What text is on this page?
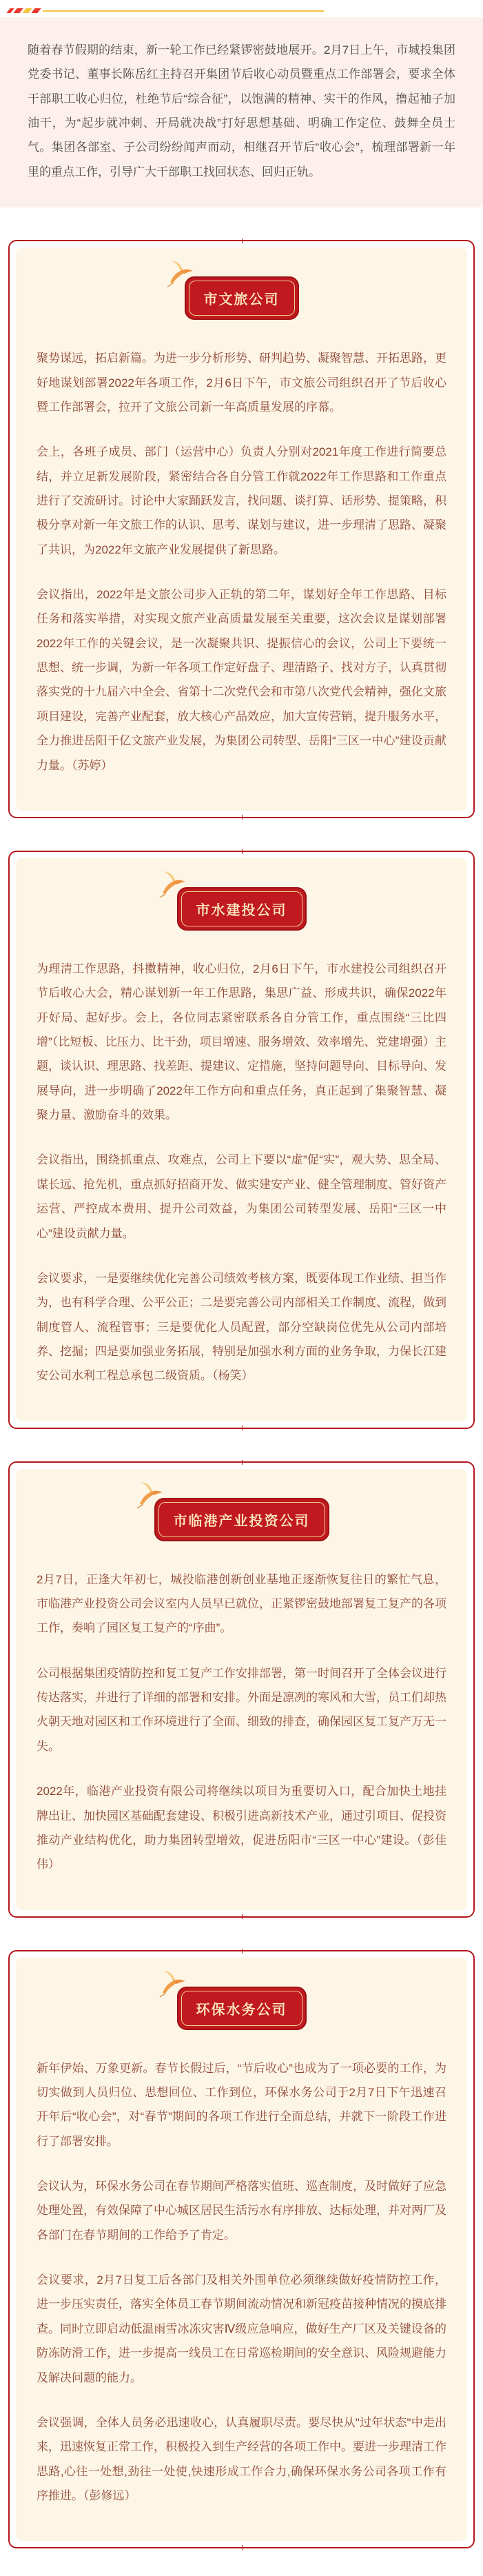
随着春节假期的结束，新一轮工作已经紧锣密鼓地展开。2月7日上午，市城投集团党委书记、董事长陈岳红主持召开集团节后收心动员暨重点工作部署会，要求全体干部职工收心归位，杜绝节后“综合征”，以饱满的精神、实干的作风，撸起袖子加油干，为“起步就冲刺、开局就决战”打好思想基础、明确工作定位、鼓舞全员士气。集团各部室、子公司纷纷闻声而动，相继召开节后“收心会”，梳理部署新一年里的重点工作，引导广大干部职工找回状态、回归正轨。

市文旅公司

聚势谋远，拓启新篇。为进一步分析形势、研判趋势、凝聚智慧、开拓思路，更好地谋划部署2022年各项工作，2月6日下午，市文旅公司组织召开了节后收心暨工作部署会，拉开了文旅公司新一年高质量发展的序幕。

会上，各班子成员、部门（运营中心）负责人分别对2021年度工作进行简要总结，并立足新发展阶段，紧密结合各自分管工作就2022年工作思路和工作重点进行了交流研讨。讨论中大家踊跃发言，找问题、谈打算、话形势、提策略，积极分享对新一年文旅工作的认识、思考、谋划与建议，进一步理清了思路、凝聚了共识，为2022年文旅产业发展提供了新思路。

会议指出，2022年是文旅公司步入正轨的第二年，谋划好全年工作思路、目标任务和落实举措，对实现文旅产业高质量发展至关重要，这次会议是谋划部署2022年工作的关键会议，是一次凝聚共识、提振信心的会议，公司上下要统一思想、统一步调，为新一年各项工作定好盘子、理清路子、找对方子，认真贯彻落实党的十九届六中全会、省第十二次党代会和市第八次党代会精神，强化文旅项目建设，完善产业配套，放大核心产品效应，加大宣传营销，提升服务水平，全力推进岳阳千亿文旅产业发展，为集团公司转型、岳阳“三区一中心”建设贡献力量。（苏婷）

市水建投公司

为理清工作思路，抖擞精神，收心归位，2月6日下午，市水建投公司组织召开节后收心大会，精心谋划新一年工作思路，集思广益、形成共识，确保2022年开好局、起好步。会上，各位同志紧密联系各自分管工作，重点围绕“三比四增”（比短板、比压力、比干劲，项目增速、服务增效、效率增先、党建增强）主题，谈认识、理思路、找差距、提建议、定措施，坚持问题导向、目标导向、发展导向，进一步明确了2022年工作方向和重点任务，真正起到了集聚智慧、凝聚力量、激励奋斗的效果。

会议指出，围绕抓重点、攻难点，公司上下要以“虚”促“实”，观大势、思全局、谋长远、抢先机，重点抓好招商开发、做实建安产业、健全管理制度、管好资产运营、严控成本费用、提升公司效益，为集团公司转型发展、岳阳“三区一中心”建设贡献力量。

会议要求，一是要继续优化完善公司绩效考核方案，既要体现工作业绩、担当作为，也有科学合理、公平公正；二是要完善公司内部相关工作制度、流程，做到制度管人、流程管事；三是要优化人员配置，部分空缺岗位优先从公司内部培养、挖掘；四是要加强业务拓展，特别是加强水利方面的业务争取，力保长江建安公司水利工程总承包二级资质。（杨笑）

市临港产业投资公司

2月7日，正逢大年初七，城投临港创新创业基地正逐渐恢复往日的繁忙气息，市临港产业投资公司会议室内人员早已就位，正紧锣密鼓地部署复工复产的各项工作，奏响了园区复工复产的“序曲”。

公司根据集团疫情防控和复工复产工作安排部署，第一时间召开了全体会议进行传达落实，并进行了详细的部署和安排。外面是凛冽的寒风和大雪，员工们却热火朝天地对园区和工作环境进行了全面、细致的排查，确保园区复工复产万无一失。

2022年，临港产业投资有限公司将继续以项目为重要切入口，配合加快土地挂牌出让、加快园区基础配套建设、积极引进高新技术产业，通过引项目、促投资推动产业结构优化，助力集团转型增效，促进岳阳市“三区一中心”建设。（彭佳伟）

环保水务公司

新年伊始、万象更新。春节长假过后，“节后收心”也成为了一项必要的工作，为切实做到人员归位、思想回位、工作到位，环保水务公司于2月7日下午迅速召开年后“收心会”，对“春节”期间的各项工作进行全面总结，并就下一阶段工作进行了部署安排。

会议认为，环保水务公司在春节期间严格落实值班、巡查制度，及时做好了应急处理处置，有效保障了中心城区居民生活污水有序排放、达标处理，并对两厂及各部门在春节期间的工作给予了肯定。

会议要求，2月7日复工后各部门及相关外围单位必须继续做好疫情防控工作，进一步压实责任，落实全体员工春节期间流动情况和新冠疫苗接种情况的摸底排查。同时立即启动低温雨雪冰冻灾害Ⅳ级应急响应，做好生产厂区及关键设备的防冻防滑工作，进一步提高一线员工在日常巡检期间的安全意识、风险规避能力及解决问题的能力。

会议强调，全体人员务必迅速收心，认真履职尽责。要尽快从"过年状态"中走出来，迅速恢复正常工作，积极投入到生产经营的各项工作中。要进一步理清工作思路,心往一处想,劲往一处使,快速形成工作合力,确保环保水务公司各项工作有序推进。（彭修远）
